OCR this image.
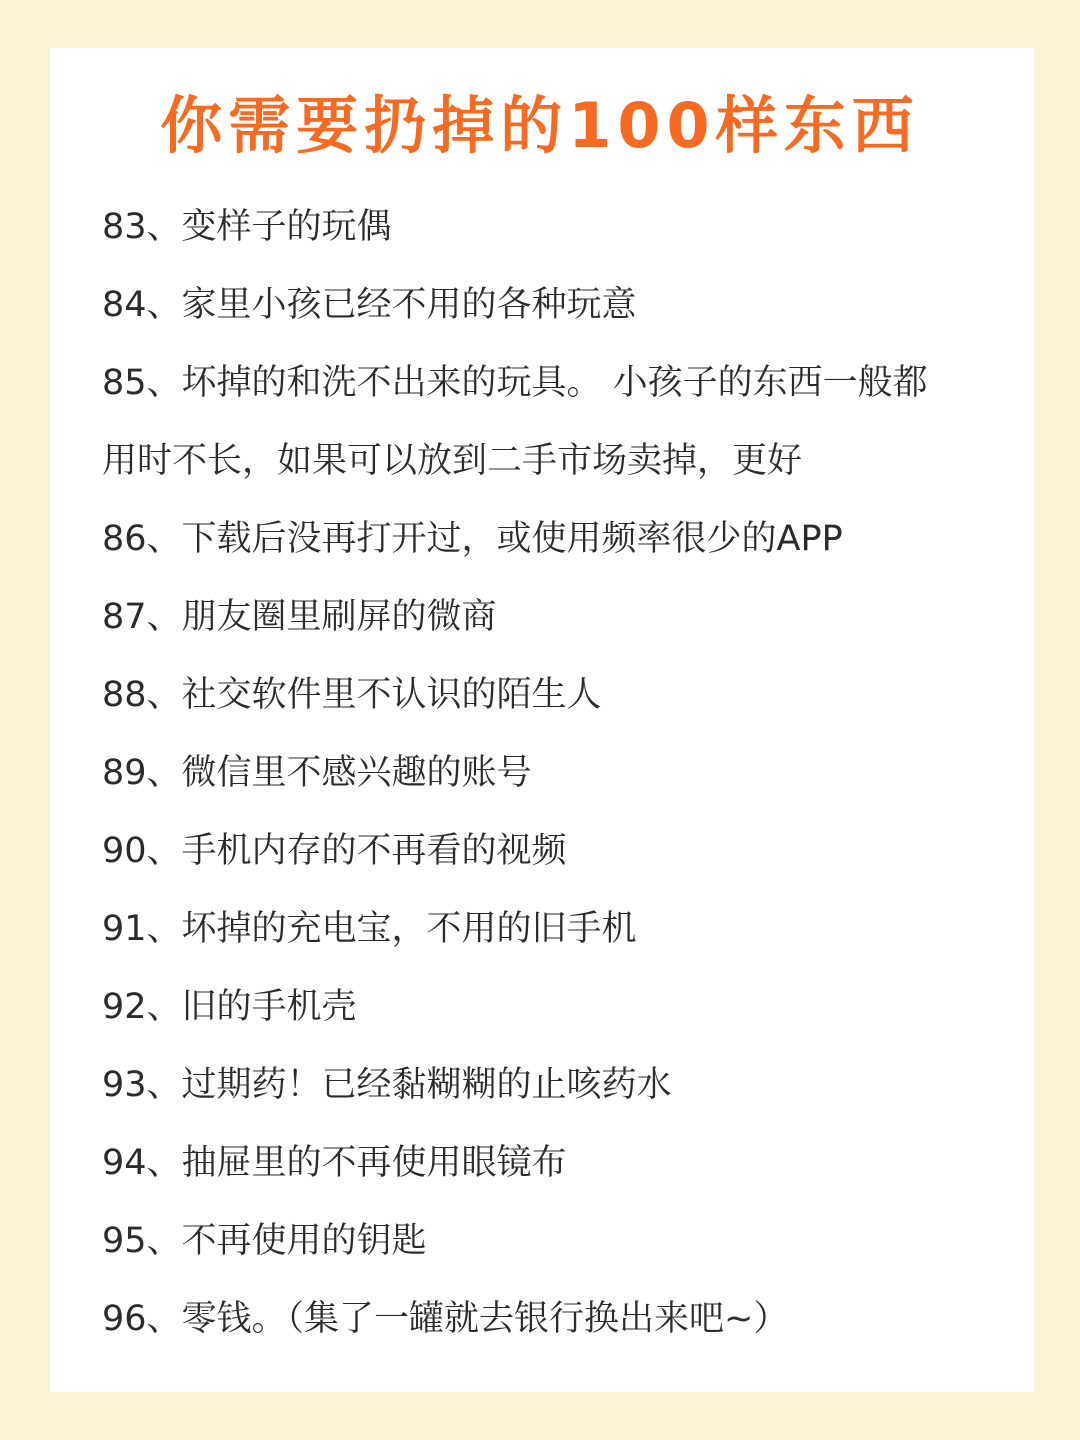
你需要扔掉的100样东西
83、变样子的玩偶
84、家里小孩已经不用的各种玩意
85、坏掉的和洗不出来的玩具。 小孩子的东西一般都
用时不长，如果可以放到二手市场卖掉，更好
86、下载后没再打开过，或使用频率很少的APP
87、朋友圈里刷屏的微商
88、社交软件里不认识的陌生人
89、微信里不感兴趣的账号
90、手机内存的不再看的视频
91、坏掉的充电宝，不用的旧手机
92、旧的手机壳
93、过期药！已经黏糊糊的止咳药水
94、抽屉里的不再使用眼镜布
95、不再使用的钥匙
96、零钱。（集了一罐就去银行换出来吧~）
